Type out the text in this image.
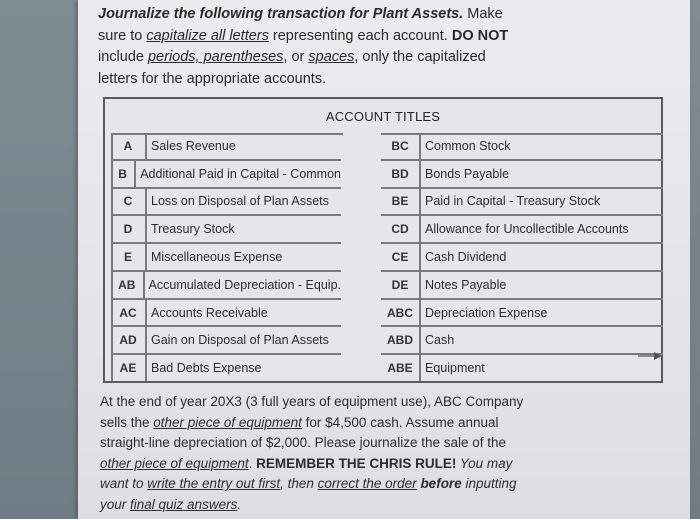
Journalize the following transaction for Plant Assets. Make sure to capitalize all letters representing each account. DO NOT include periods, parentheses, or spaces, only the capitalized letters for the appropriate accounts.
ACCOUNT TITLES
A	Sales Revenue
B	Additional Paid in Capital - Common
C	Loss on Disposal of Plan Assets
D	Treasury Stock
E	Miscellaneous Expense
AB	Accumulated Depreciation - Equip.
AC	Accounts Receivable
AD	Gain on Disposal of Plan Assets
AE	Bad Debts Expense
BC	Common Stock
BD	Bonds Payable
BE	Paid in Capital - Treasury Stock
CD	Allowance for Uncollectible Accounts
CE	Cash Dividend
DE	Notes Payable
ABC Depreciation Expense
ABD Cash
ABE Equipment
At the end of year 20X3 (3 full years of equipment use), ABC Company sells the other piece of equipment for $4,500 cash. Assume annual straight-line depreciation of $2,000. Please journalize the sale of the other piece of equipment. REMEMBER THE CHRIS RULE! You may want to write the entry out first, then correct the order before inputting your final quiz answers.
